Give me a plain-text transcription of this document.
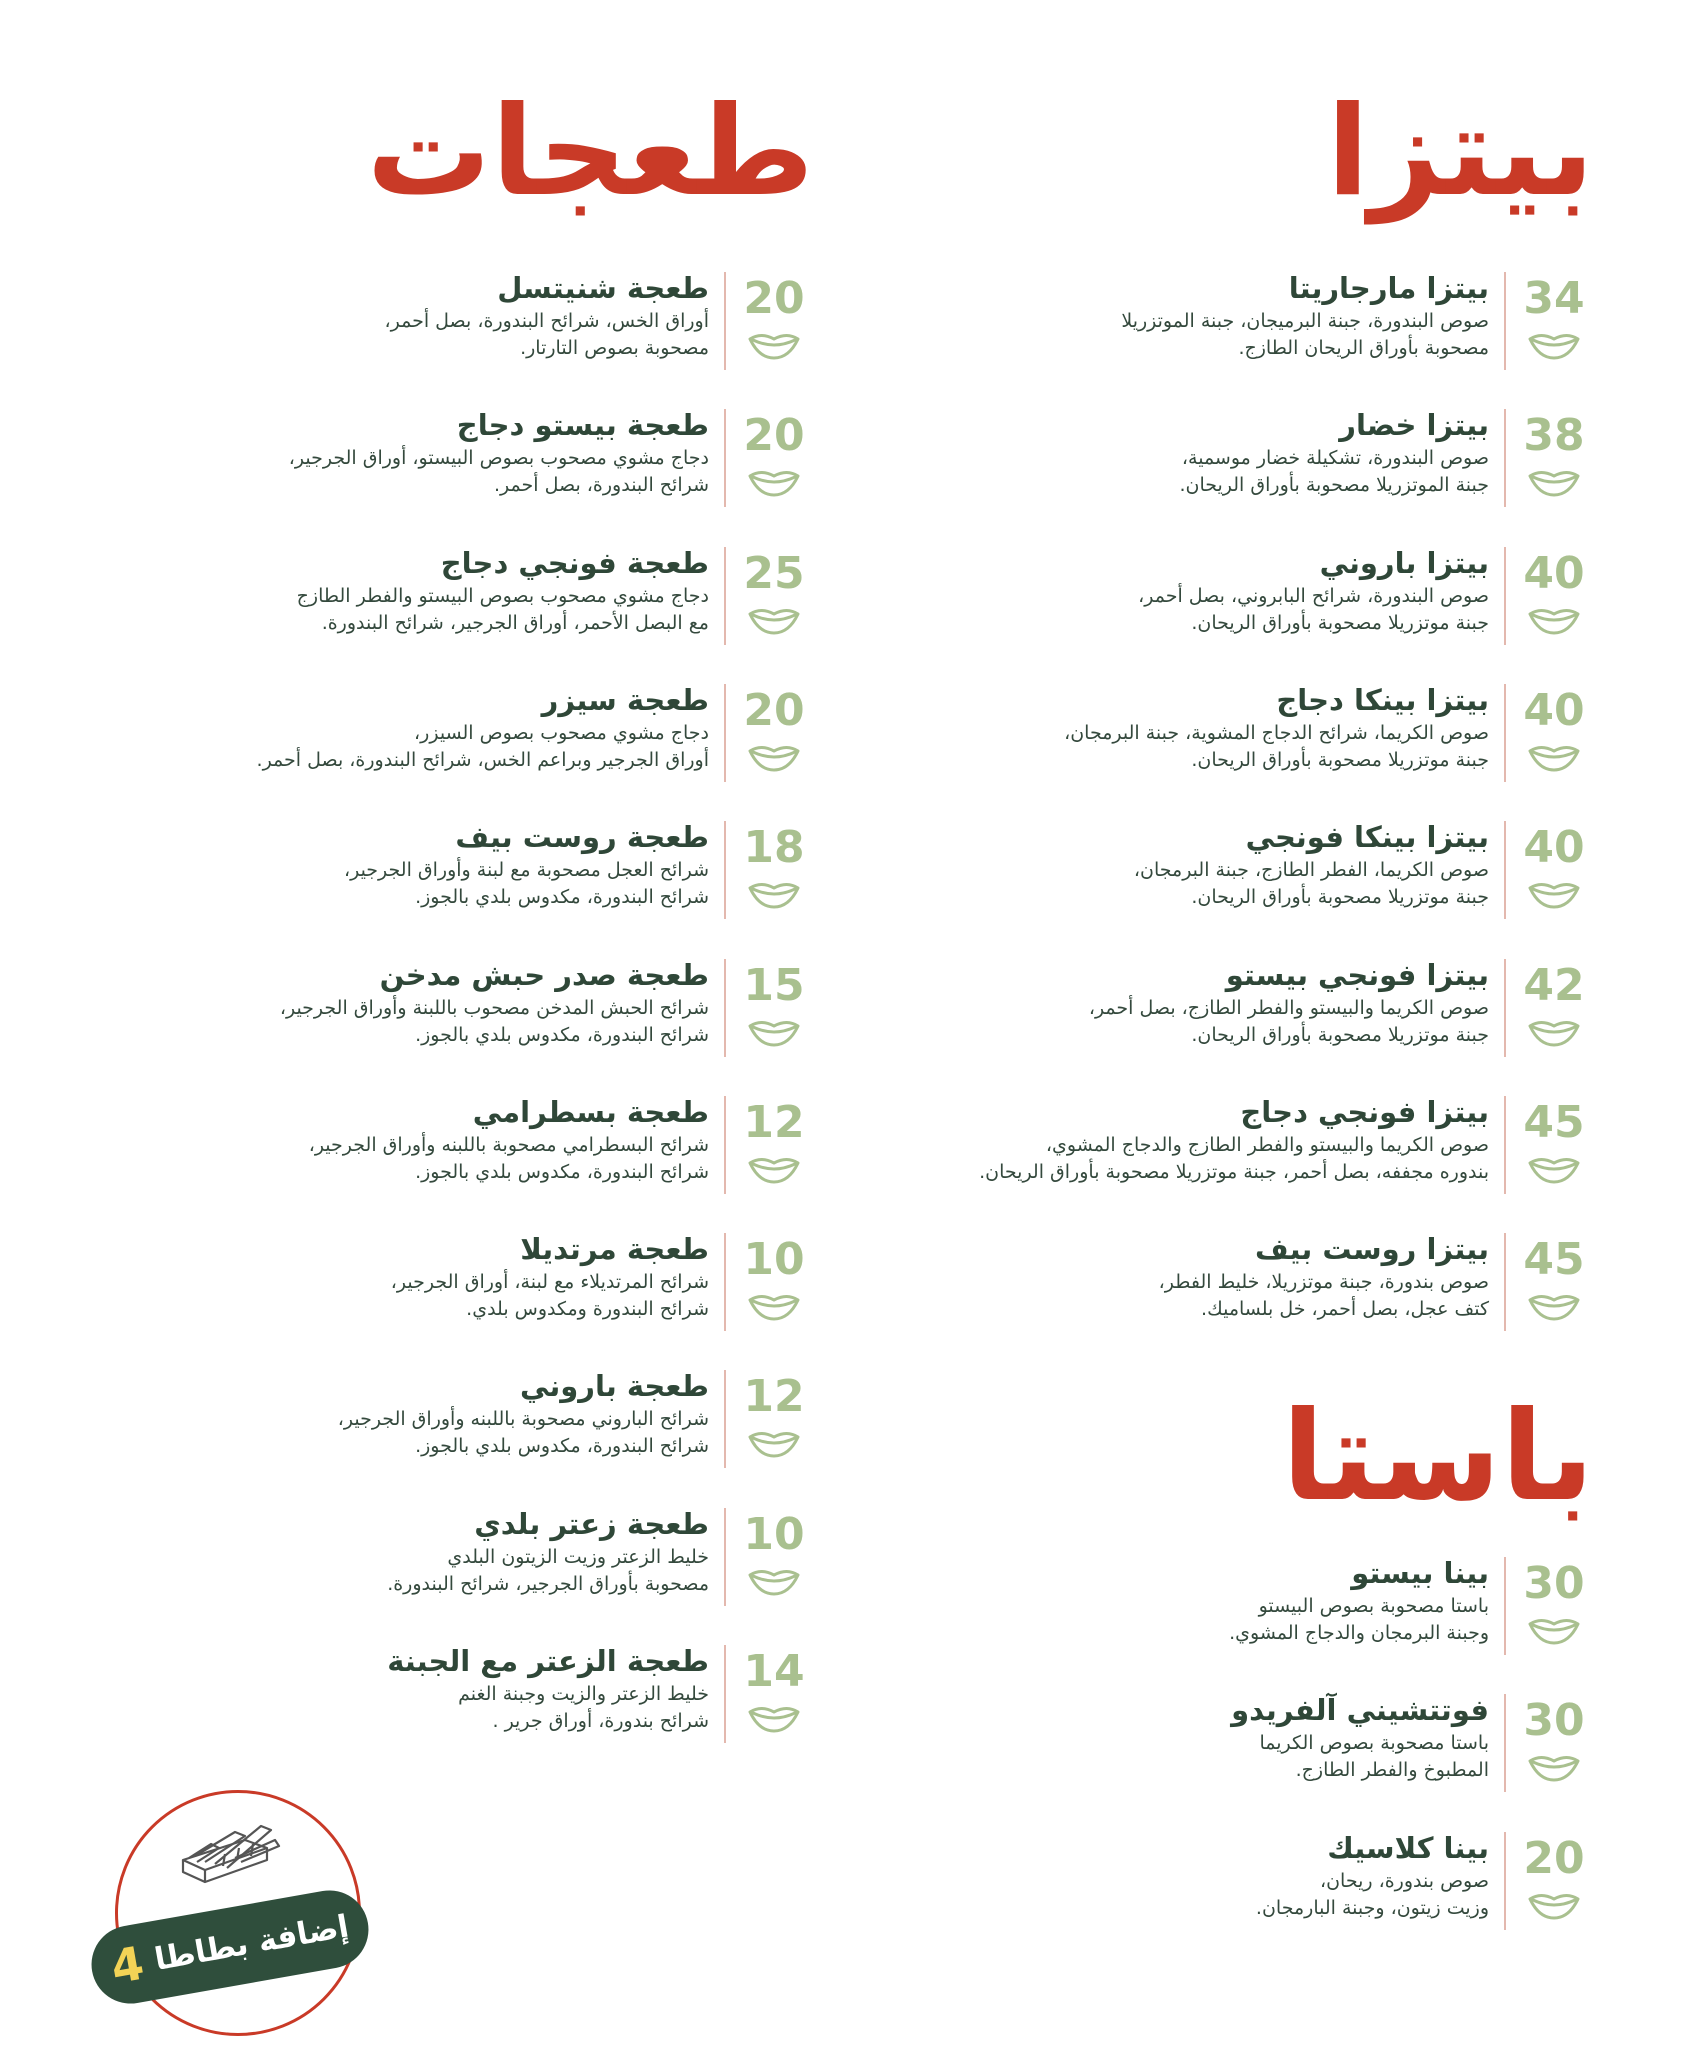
بيتزا
34
بيتزا مارجاريتا
صوص البندورة، جبنة البرميجان، جبنة الموتزريلا
مصحوبة بأوراق الريحان الطازج.
38
بيتزا خضار
صوص البندورة، تشكيلة خضار موسمية،
جبنة الموتزريلا مصحوبة بأوراق الريحان.
40
بيتزا باروني
صوص البندورة، شرائح البابروني، بصل أحمر،
جبنة موتزريلا مصحوبة بأوراق الريحان.
40
بيتزا بينكا دجاج
صوص الكريما، شرائح الدجاج المشوية، جبنة البرمجان،
جبنة موتزريلا مصحوبة بأوراق الريحان.
40
بيتزا بينكا فونجي
صوص الكريما، الفطر الطازج، جبنة البرمجان،
جبنة موتزريلا مصحوبة بأوراق الريحان.
42
بيتزا فونجي بيستو
صوص الكريما والبيستو والفطر الطازج، بصل أحمر،
جبنة موتزريلا مصحوبة بأوراق الريحان.
45
بيتزا فونجي دجاج
صوص الكريما والبيستو والفطر الطازج والدجاج المشوي،
بندوره مجففه، بصل أحمر، جبنة موتزريلا مصحوبة بأوراق الريحان.
45
بيتزا روست بيف
صوص بندورة، جبنة موتزريلا، خليط الفطر،
كتف عجل، بصل أحمر، خل بلساميك.
باستا
30
بينا بيستو
باستا مصحوبة بصوص البيستو
وجبنة البرمجان والدجاج المشوي.
30
فوتتشيني آلفريدو
باستا مصحوبة بصوص الكريما
المطبوخ والفطر الطازج.
20
بينا كلاسيك
صوص بندورة، ريحان،
وزيت زيتون، وجبنة البارمجان.
طعجات
20
طعجة شنيتسل
أوراق الخس، شرائح البندورة، بصل أحمر،
مصحوبة بصوص التارتار.
20
طعجة بيستو دجاج
دجاج مشوي مصحوب بصوص البيستو، أوراق الجرجير،
شرائح البندورة، بصل أحمر.
25
طعجة فونجي دجاج
دجاج مشوي مصحوب بصوص البيستو والفطر الطازج
مع البصل الأحمر، أوراق الجرجير، شرائح البندورة.
20
طعجة سيزر
دجاج مشوي مصحوب بصوص السيزر،
أوراق الجرجير وبراعم الخس، شرائح البندورة، بصل أحمر.
18
طعجة روست بيف
شرائح العجل مصحوبة مع لبنة وأوراق الجرجير،
شرائح البندورة، مكدوس بلدي بالجوز.
15
طعجة صدر حبش مدخن
شرائح الحبش المدخن مصحوب باللبنة وأوراق الجرجير،
شرائح البندورة، مكدوس بلدي بالجوز.
12
طعجة بسطرامي
شرائح البسطرامي مصحوبة باللبنه وأوراق الجرجير،
شرائح البندورة، مكدوس بلدي بالجوز.
10
طعجة مرتديلا
شرائح المرتديلاء مع لبنة، أوراق الجرجير،
شرائح البندورة ومكدوس بلدي.
12
طعجة باروني
شرائح الباروني مصحوبة باللبنه وأوراق الجرجير،
شرائح البندورة، مكدوس بلدي بالجوز.
10
طعجة زعتر بلدي
خليط الزعتر وزيت الزيتون البلدي
مصحوبة بأوراق الجرجير، شرائح البندورة.
14
طعجة الزعتر مع الجبنة
خليط الزعتر والزيت وجبنة الغنم
شرائح بندورة، أوراق جرير .
إضافة بطاطا
4
